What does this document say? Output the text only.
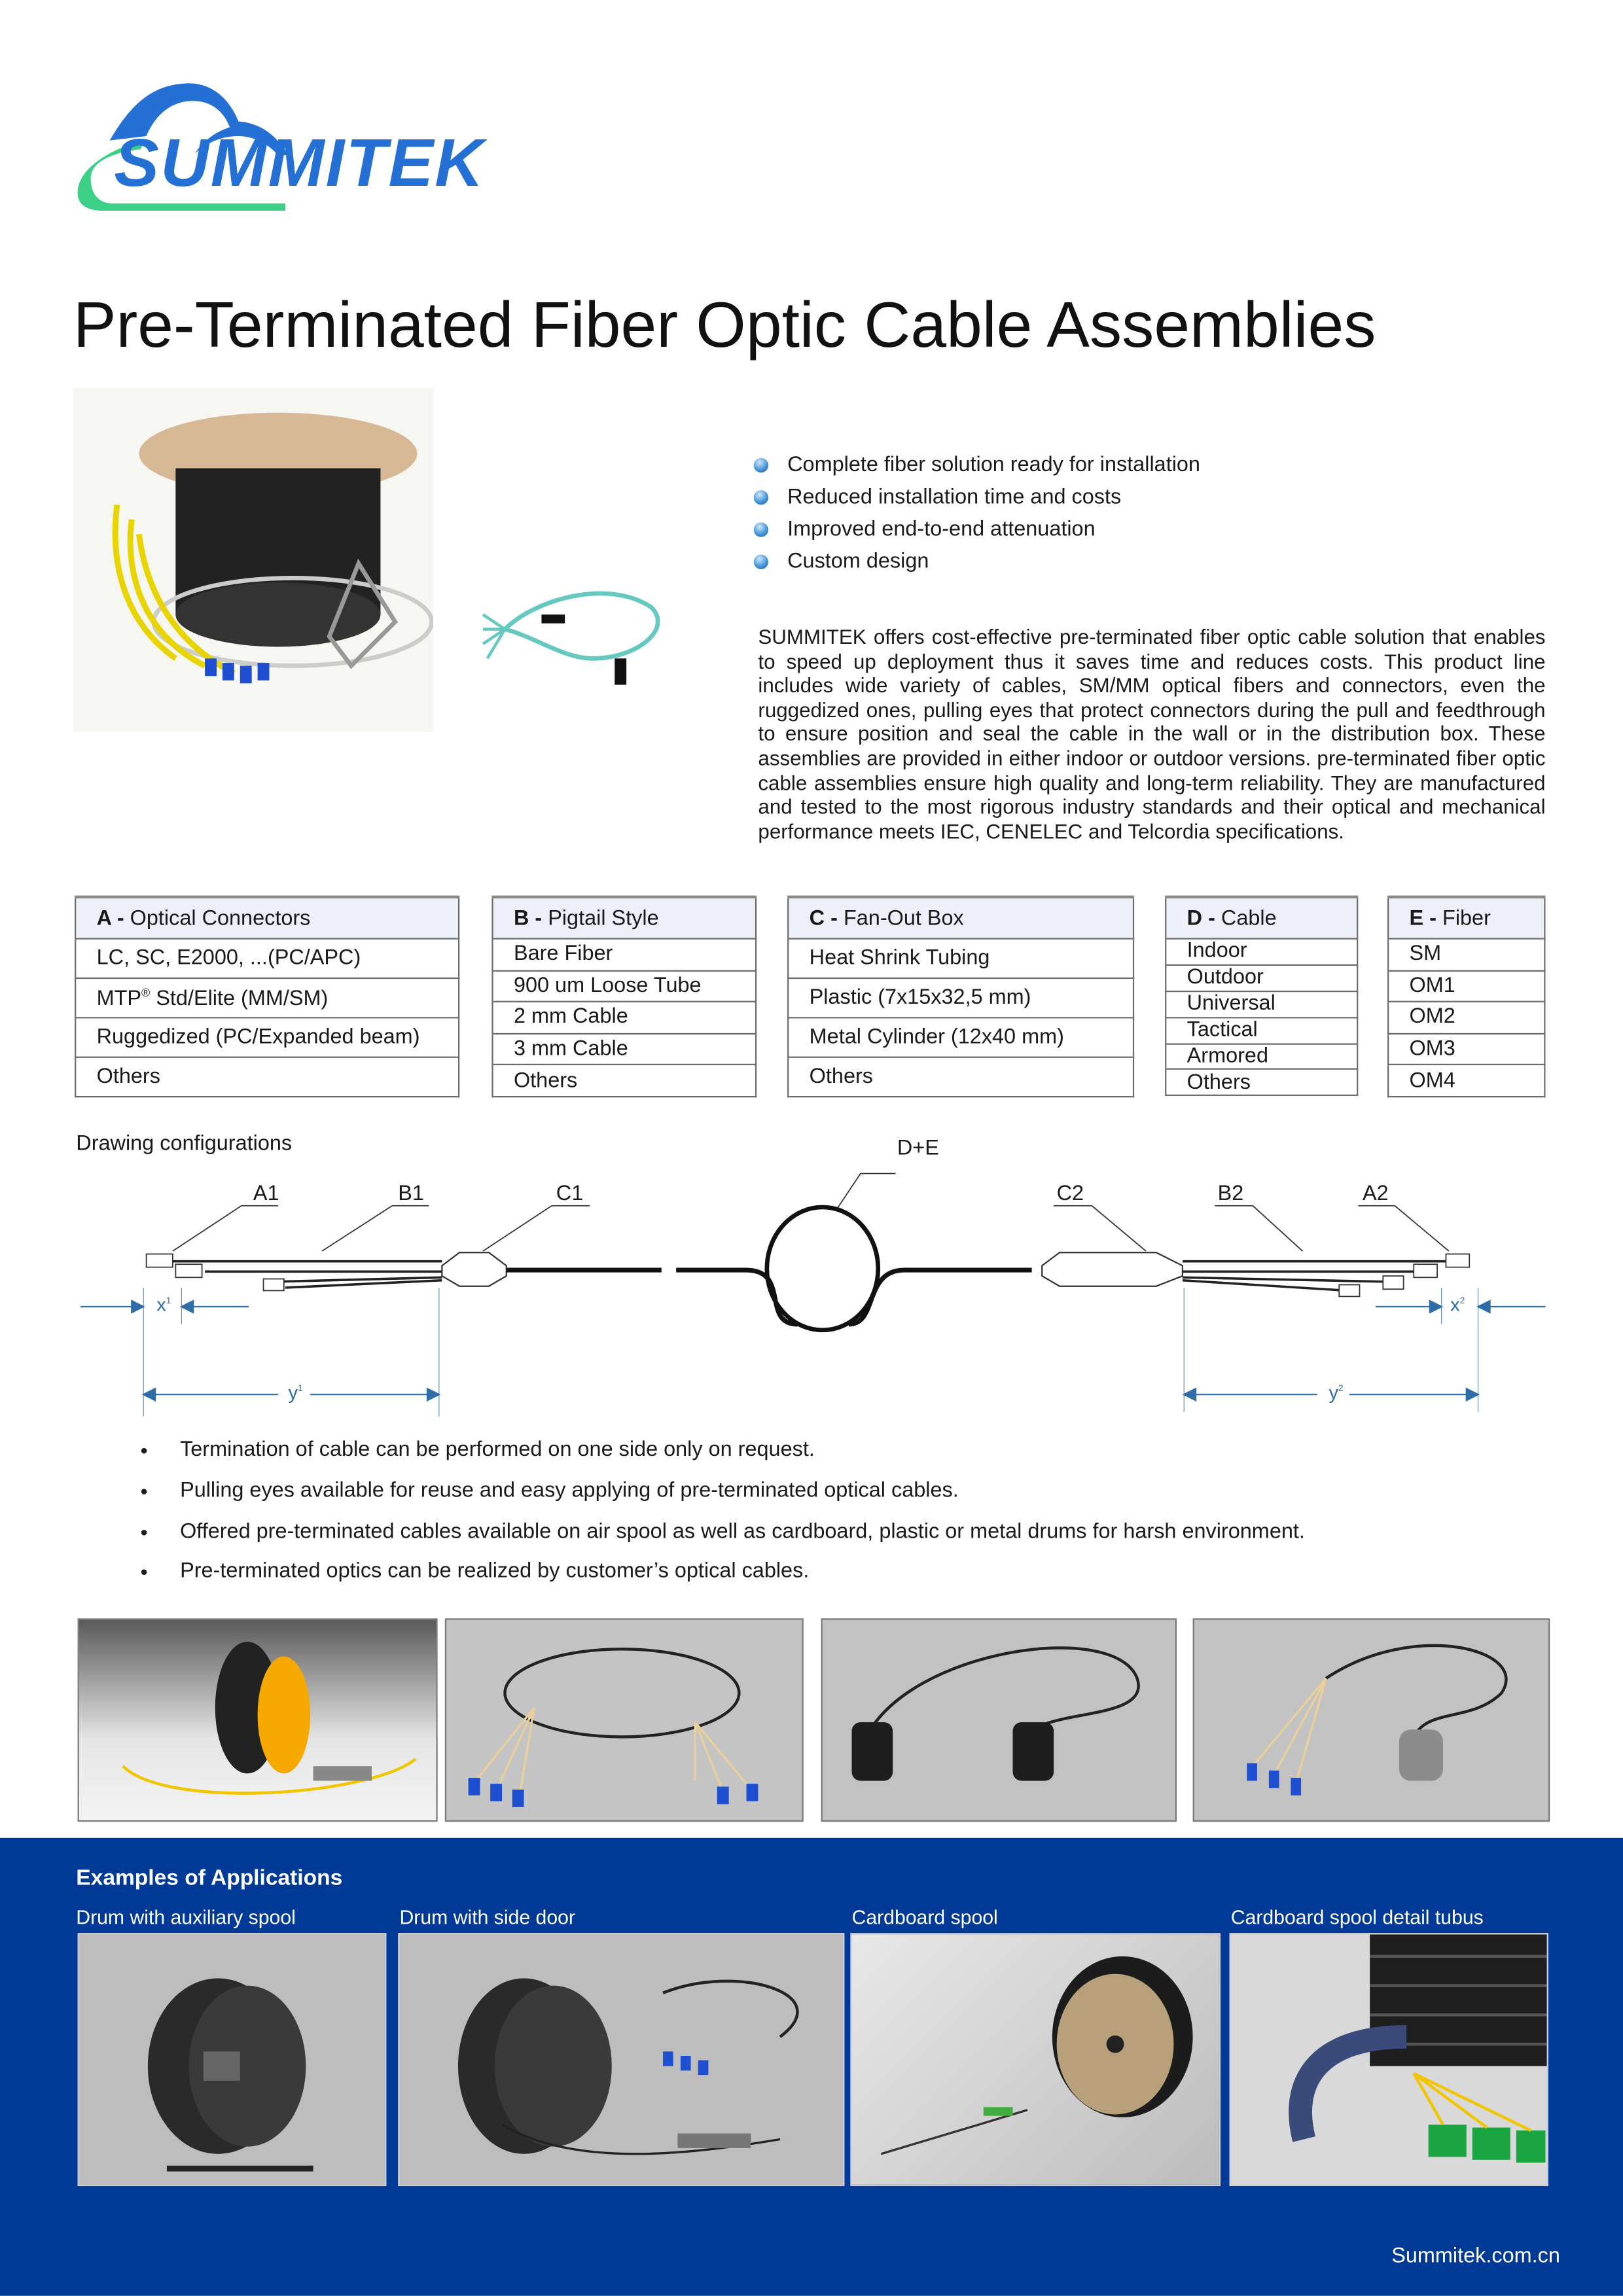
SUMMITEK
Pre-Terminated Fiber Optic Cable Assemblies
Complete fiber solution ready for installation
Reduced installation time and costs
Improved end-to-end attenuation
Custom design

SUMMITEK offers cost-effective pre-terminated fiber optic cable solution that enables to speed up deployment thus it saves time and reduces costs. This product line includes wide variety of cables, SM/MM optical fibers and connectors, even the ruggedized ones, pulling eyes that protect connectors during the pull and feedthrough to ensure position and seal the cable in the wall or in the distribution box. These assemblies are provided in either indoor or outdoor versions. pre-terminated fiber optic cable assemblies ensure high quality and long-term reliability. They are manufactured and tested to the most rigorous industry standards and their optical and mechanical performance meets IEC, CENELEC and Telcordia specifications.

A - Optical Connectors
LC, SC, E2000, ...(PC/APC)
MTP® Std/Elite (MM/SM)
Ruggedized (PC/Expanded beam)
Others
B - Pigtail Style
Bare Fiber
900 um Loose Tube
2 mm Cable
3 mm Cable
Others
C - Fan-Out Box
Heat Shrink Tubing
Plastic (7x15x32,5 mm)
Metal Cylinder (12x40 mm)
Others
D - Cable
Indoor
Outdoor
Universal
Tactical
Armored
Others
E - Fiber
SM
OM1
OM2
OM3
OM4
Drawing configurations
A1	B1	C1
D+E
C2	B2	A2
$x^1$
$y^1$
$x^2$
$y^2$
•	Termination of cable can be performed on one side only on request.
•	Pulling eyes available for reuse and easy applying of pre-terminated optical cables.
•	Offered pre-terminated cables available on air spool as well as cardboard, plastic or metal drums for harsh environment.
•	Pre-terminated optics can be realized by customer’s optical cables.
Examples of Applications
Drum with auxiliary spool	Drum with side door	Cardboard spool	Cardboard spool detail tubus
Summitek.com.cn
